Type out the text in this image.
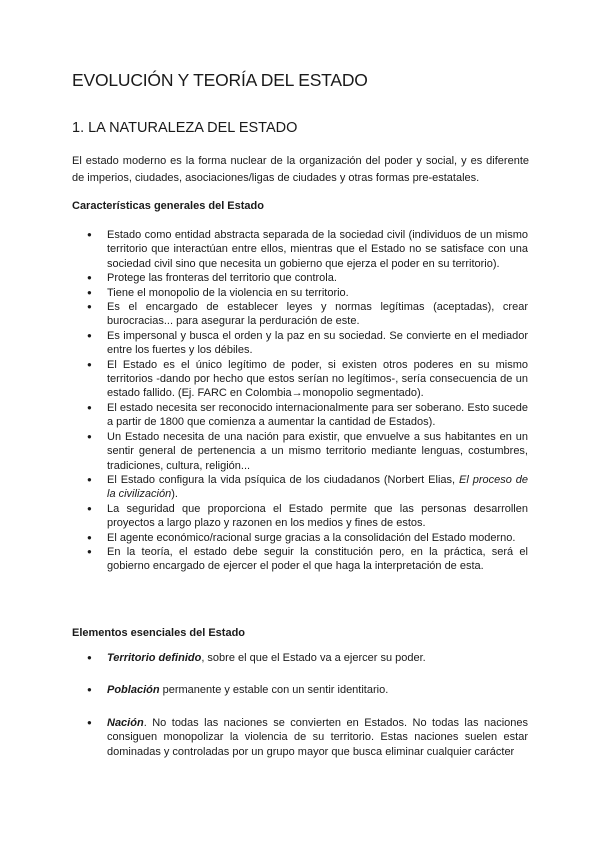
EVOLUCIÓN Y TEORÍA DEL ESTADO
1. LA NATURALEZA DEL ESTADO

El estado moderno es la forma nuclear de la organización del poder y social, y es diferente de imperios, ciudades, asociaciones/ligas de ciudades y otras formas pre-estatales.

Características generales del Estado
● Estado como entidad abstracta separada de la sociedad civil (individuos de un mismo territorio que interactúan entre ellos, mientras que el Estado no se satisface con una sociedad civil sino que necesita un gobierno que ejerza el poder en su territorio).
● Protege las fronteras del territorio que controla.
● Tiene el monopolio de la violencia en su territorio.
● Es el encargado de establecer leyes y normas legítimas (aceptadas), crear burocracias... para asegurar la perduración de este.
● Es impersonal y busca el orden y la paz en su sociedad. Se convierte en el mediador entre los fuertes y los débiles.
● El Estado es el único legítimo de poder, si existen otros poderes en su mismo territorios -dando por hecho que estos serían no legítimos-, sería consecuencia de un estado fallido. (Ej. FARC en Colombia→monopolio segmentado).
● El estado necesita ser reconocido internacionalmente para ser soberano. Esto sucede a partir de 1800 que comienza a aumentar la cantidad de Estados).
● Un Estado necesita de una nación para existir, que envuelve a sus habitantes en un sentir general de pertenencia a un mismo territorio mediante lenguas, costumbres, tradiciones, cultura, religión...
● El Estado configura la vida psíquica de los ciudadanos (Norbert Elias, El proceso de la civilización).
● La seguridad que proporciona el Estado permite que las personas desarrollen proyectos a largo plazo y razonen en los medios y fines de estos.
● El agente económico/racional surge gracias a la consolidación del Estado moderno.
● En la teoría, el estado debe seguir la constitución pero, en la práctica, será el gobierno encargado de ejercer el poder el que haga la interpretación de esta.
Elementos esenciales del Estado
● Territorio definido, sobre el que el Estado va a ejercer su poder.
● Población permanente y estable con un sentir identitario.
● Nación. No todas las naciones se convierten en Estados. No todas las naciones consiguen monopolizar la violencia de su territorio. Estas naciones suelen estar dominadas y controladas por un grupo mayor que busca eliminar cualquier carácter
